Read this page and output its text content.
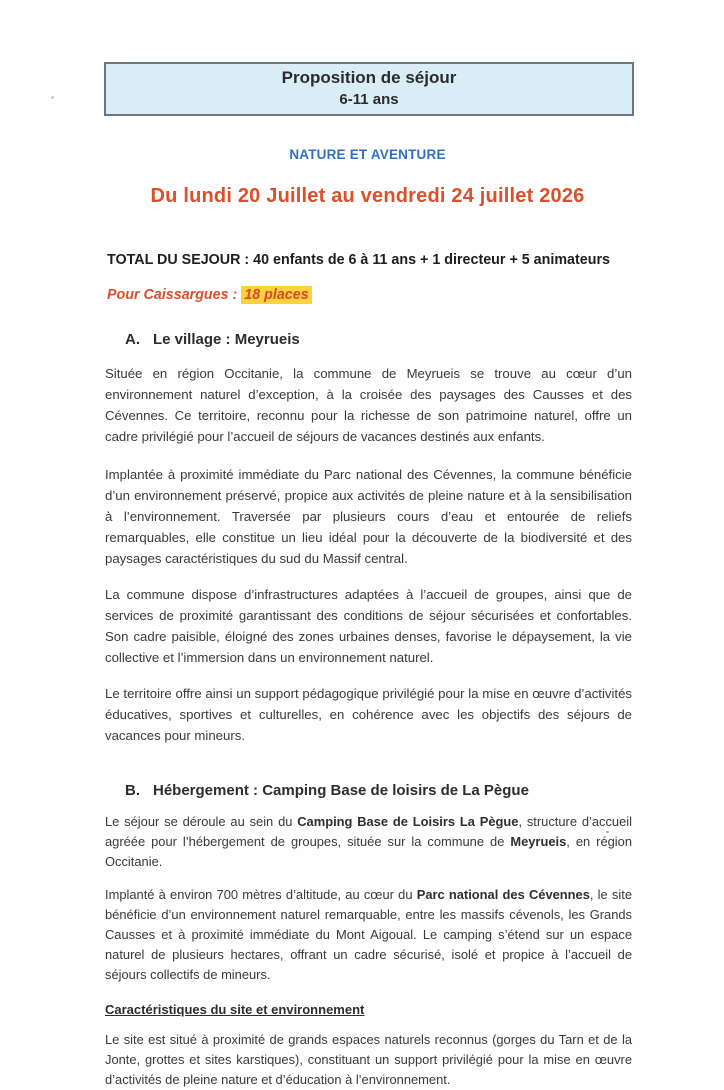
Proposition de séjour
6-11 ans
NATURE ET AVENTURE
Du lundi 20 Juillet au vendredi 24 juillet 2026
TOTAL DU SEJOUR : 40 enfants de 6 à 11 ans + 1 directeur + 5 animateurs
Pour Caissargues : 18 places
A. Le village : Meyrueis

Située en région Occitanie, la commune de Meyrueis se trouve au cœur d’un environnement naturel d’exception, à la croisée des paysages des Causses et des Cévennes. Ce territoire, reconnu pour la richesse de son patrimoine naturel, offre un cadre privilégié pour l’accueil de séjours de vacances destinés aux enfants.

Implantée à proximité immédiate du Parc national des Cévennes, la commune bénéficie d’un environnement préservé, propice aux activités de pleine nature et à la sensibilisation à l’environnement. Traversée par plusieurs cours d’eau et entourée de reliefs remarquables, elle constitue un lieu idéal pour la découverte de la biodiversité et des paysages caractéristiques du sud du Massif central.

La commune dispose d’infrastructures adaptées à l’accueil de groupes, ainsi que de services de proximité garantissant des conditions de séjour sécurisées et confortables. Son cadre paisible, éloigné des zones urbaines denses, favorise le dépaysement, la vie collective et l’immersion dans un environnement naturel.

Le territoire offre ainsi un support pédagogique privilégié pour la mise en œuvre d’activités éducatives, sportives et culturelles, en cohérence avec les objectifs des séjours de vacances pour mineurs.

B. Hébergement : Camping Base de loisirs de La Pègue

Le séjour se déroule au sein du Camping Base de Loisirs La Pègue, structure d’accueil agréée pour l’hébergement de groupes, située sur la commune de Meyrueis, en région Occitanie.

Implanté à environ 700 mètres d’altitude, au cœur du Parc national des Cévennes, le site bénéficie d’un environnement naturel remarquable, entre les massifs cévenols, les Grands Causses et à proximité immédiate du Mont Aigoual. Le camping s’étend sur un espace naturel de plusieurs hectares, offrant un cadre sécurisé, isolé et propice à l’accueil de séjours collectifs de mineurs.

Caractéristiques du site et environnement

Le site est situé à proximité de grands espaces naturels reconnus (gorges du Tarn et de la Jonte, grottes et sites karstiques), constituant un support privilégié pour la mise en œuvre d’activités de pleine nature et d’éducation à l’environnement.
